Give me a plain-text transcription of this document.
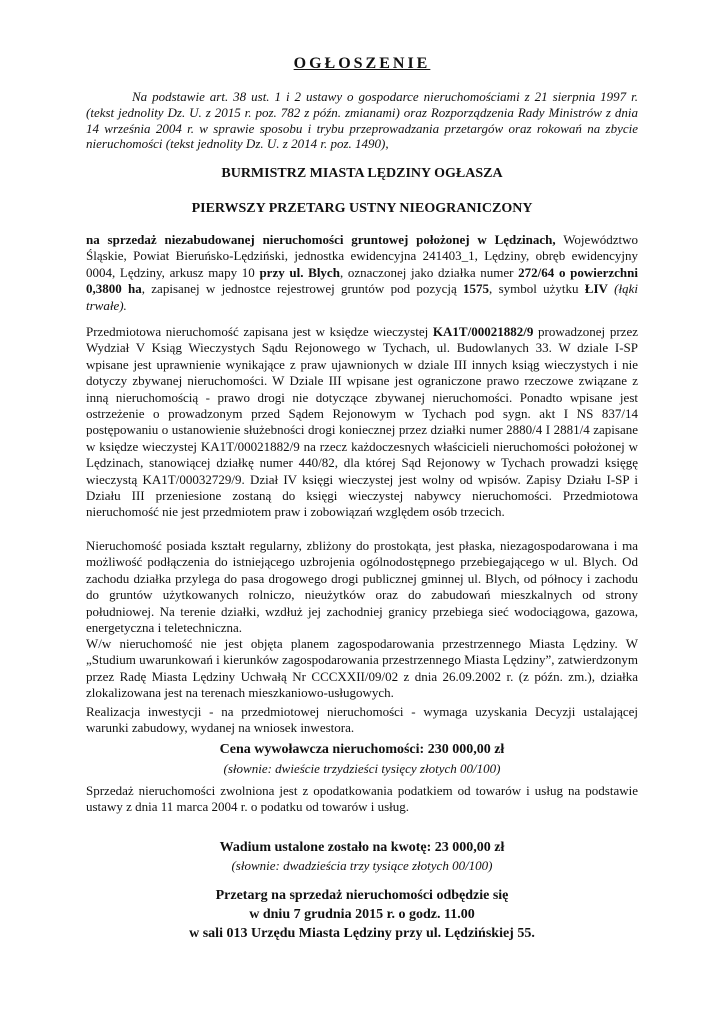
OGŁOSZENIE

Na podstawie art. 38 ust. 1 i 2 ustawy o gospodarce nieruchomościami z 21 sierpnia 1997 r. (tekst jednolity Dz. U. z 2015 r. poz. 782 z późn. zmianami) oraz Rozporządzenia Rady Ministrów z dnia 14 września 2004 r. w sprawie sposobu i trybu przeprowadzania przetargów oraz rokowań na zbycie nieruchomości (tekst jednolity Dz. U. z 2014 r. poz. 1490),

BURMISTRZ MIASTA LĘDZINY OGŁASZA
PIERWSZY PRZETARG USTNY NIEOGRANICZONY

na sprzedaż niezabudowanej nieruchomości gruntowej położonej w Lędzinach, Województwo Śląskie, Powiat Bieruńsko-Lędziński, jednostka ewidencyjna 241403_1, Lędziny, obręb ewidencyjny 0004, Lędziny, arkusz mapy 10 przy ul. Blych, oznaczonej jako działka numer 272/64 o powierzchni 0,3800 ha, zapisanej w jednostce rejestrowej gruntów pod pozycją 1575, symbol użytku ŁIV (łąki trwałe).

Przedmiotowa nieruchomość zapisana jest w księdze wieczystej KA1T/00021882/9 prowadzonej przez Wydział V Ksiąg Wieczystych Sądu Rejonowego w Tychach, ul. Budowlanych 33. W dziale I-SP wpisane jest uprawnienie wynikające z praw ujawnionych w dziale III innych ksiąg wieczystych i nie dotyczy zbywanej nieruchomości. W Dziale III wpisane jest ograniczone prawo rzeczowe związane z inną nieruchomością - prawo drogi nie dotyczące zbywanej nieruchomości. Ponadto wpisane jest ostrzeżenie o prowadzonym przed Sądem Rejonowym w Tychach pod sygn. akt I NS 837/14 postępowaniu o ustanowienie służebności drogi koniecznej przez działki numer 2880/4 I 2881/4 zapisane w księdze wieczystej KA1T/00021882/9 na rzecz każdoczesnych właścicieli nieruchomości położonej w Lędzinach, stanowiącej działkę numer 440/82, dla której Sąd Rejonowy w Tychach prowadzi księgę wieczystą KA1T/00032729/9. Dział IV księgi wieczystej jest wolny od wpisów. Zapisy Działu I-SP i Działu III przeniesione zostaną do księgi wieczystej nabywcy nieruchomości. Przedmiotowa nieruchomość nie jest przedmiotem praw i zobowiązań względem osób trzecich.

Nieruchomość posiada kształt regularny, zbliżony do prostokąta, jest płaska, niezagospodarowana i ma możliwość podłączenia do istniejącego uzbrojenia ogólnodostępnego przebiegającego w ul. Blych. Od zachodu działka przylega do pasa drogowego drogi publicznej gminnej ul. Blych, od północy i zachodu do gruntów użytkowanych rolniczo, nieużytków oraz do zabudowań mieszkalnych od strony południowej. Na terenie działki, wzdłuż jej zachodniej granicy przebiega sieć wodociągowa, gazowa, energetyczna i teletechniczna.

W/w nieruchomość nie jest objęta planem zagospodarowania przestrzennego Miasta Lędziny. W „Studium uwarunkowań i kierunków zagospodarowania przestrzennego Miasta Lędziny”, zatwierdzonym przez Radę Miasta Lędziny Uchwałą Nr CCCXXII/09/02 z dnia 26.09.2002 r. (z późn. zm.), działka zlokalizowana jest na terenach mieszkaniowo-usługowych.

Realizacja inwestycji - na przedmiotowej nieruchomości - wymaga uzyskania Decyzji ustalającej warunki zabudowy, wydanej na wniosek inwestora.

Cena wywoławcza nieruchomości: 230 000,00 zł
(słownie: dwieście trzydzieści tysięcy złotych 00/100)

Sprzedaż nieruchomości zwolniona jest z opodatkowania podatkiem od towarów i usług na podstawie ustawy z dnia 11 marca 2004 r. o podatku od towarów i usług.

Wadium ustalone zostało na kwotę: 23 000,00 zł
(słownie: dwadzieścia trzy tysiące złotych 00/100)
Przetarg na sprzedaż nieruchomości odbędzie się
w dniu 7 grudnia 2015 r. o godz. 11.00
w sali 013 Urzędu Miasta Lędziny przy ul. Lędzińskiej 55.
